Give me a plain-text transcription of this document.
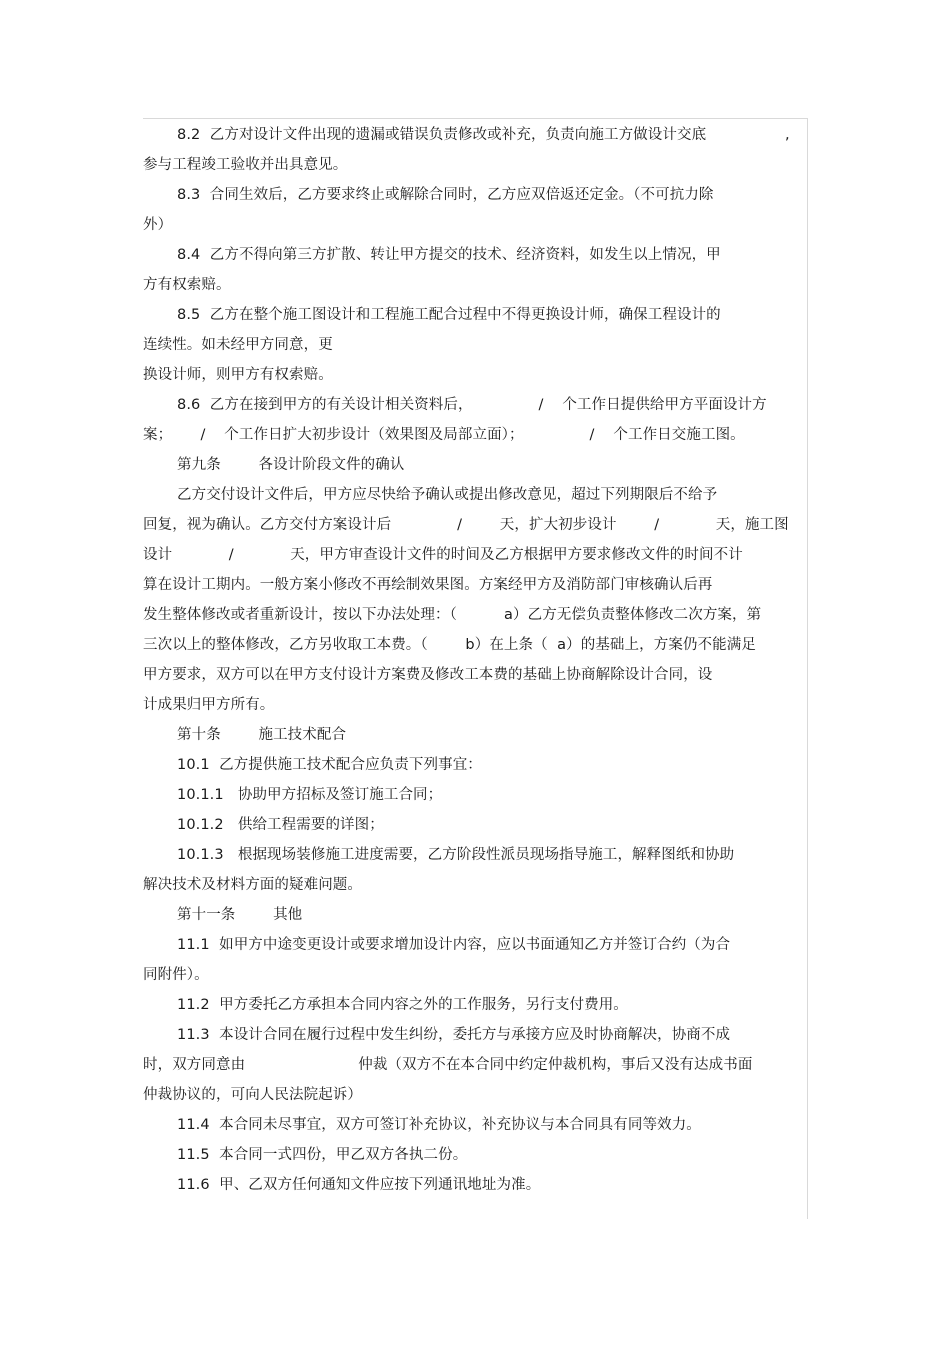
8.2  乙方对设计文件出现的遗漏或错误负责修改或补充，负责向施工方做设计交底	,
参与工程竣工验收并出具意见。
8.3  合同生效后，乙方要求终止或解除合同时，乙方应双倍返还定金。（不可抗力除
外）
8.4  乙方不得向第三方扩散、转让甲方提交的技术、经济资料，如发生以上情况，甲
方有权索赔。
8.5  乙方在整个施工图设计和工程施工配合过程中不得更换设计师，确保工程设计的
连续性。如未经甲方同意，更
换设计师，则甲方有权索赔。
8.6  乙方在接到甲方的有关设计相关资料后，              /    个工作日提供给甲方平面设计方
案；      /    个工作日扩大初步设计（效果图及局部立面）；              /    个工作日交施工图。
第九条        各设计阶段文件的确认
乙方交付设计文件后，甲方应尽快给予确认或提出修改意见，超过下列期限后不给予
回复，视为确认。乙方交付方案设计后              /        天，扩大初步设计        /            天，施工图
设计            /            天，甲方审查设计文件的时间及乙方根据甲方要求修改文件的时间不计
算在设计工期内。一般方案小修改不再绘制效果图。方案经甲方及消防部门审核确认后再
发生整体修改或者重新设计，按以下办法处理：（          a）乙方无偿负责整体修改二次方案，第
三次以上的整体修改，乙方另收取工本费。（        b）在上条（  a）的基础上，方案仍不能满足
甲方要求，双方可以在甲方支付设计方案费及修改工本费的基础上协商解除设计合同，设
计成果归甲方所有。
第十条        施工技术配合
10.1  乙方提供施工技术配合应负责下列事宜：
10.1.1   协助甲方招标及签订施工合同；
10.1.2   供给工程需要的详图；
10.1.3   根据现场装修施工进度需要，乙方阶段性派员现场指导施工，解释图纸和协助
解决技术及材料方面的疑难问题。
第十一条        其他
11.1  如甲方中途变更设计或要求增加设计内容，应以书面通知乙方并签订合约（为合
同附件）。
11.2  甲方委托乙方承担本合同内容之外的工作服务，另行支付费用。
11.3  本设计合同在履行过程中发生纠纷，委托方与承接方应及时协商解决，协商不成
时，双方同意由                        仲裁（双方不在本合同中约定仲裁机构，事后又没有达成书面
仲裁协议的，可向人民法院起诉）
11.4  本合同未尽事宜，双方可签订补充协议，补充协议与本合同具有同等效力。
11.5  本合同一式四份，甲乙双方各执二份。
11.6  甲、乙双方任何通知文件应按下列通讯地址为准。
